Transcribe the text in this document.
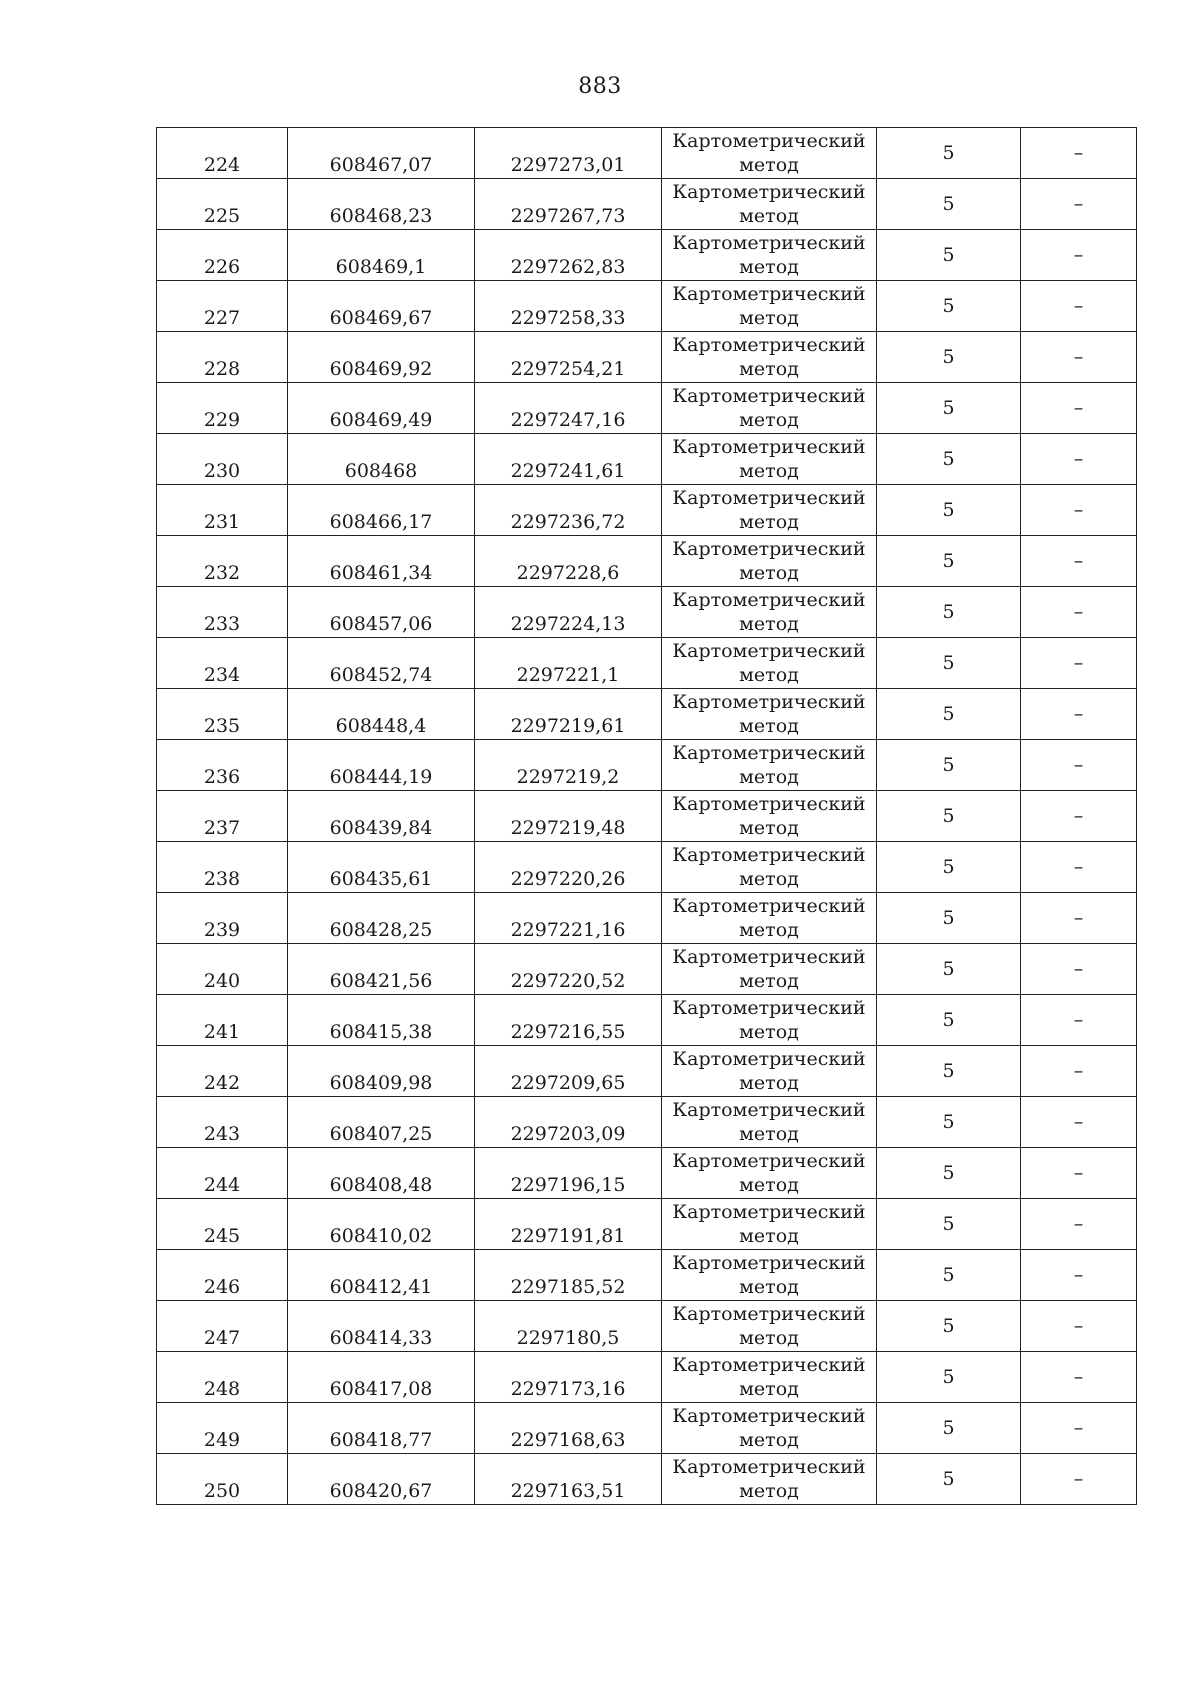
883
224	608467,07	2297273,01	Картометрический
метод	5	–
225	608468,23	2297267,73	Картометрический
метод	5	–
226	608469,1	2297262,83	Картометрический
метод	5	–
227	608469,67	2297258,33	Картометрический
метод	5	–
228	608469,92	2297254,21	Картометрический
метод	5	–
229	608469,49	2297247,16	Картометрический
метод	5	–
230	608468	2297241,61	Картометрический
метод	5	–
231	608466,17	2297236,72	Картометрический
метод	5	–
232	608461,34	2297228,6	Картометрический
метод	5	–
233	608457,06	2297224,13	Картометрический
метод	5	–
234	608452,74	2297221,1	Картометрический
метод	5	–
235	608448,4	2297219,61	Картометрический
метод	5	–
236	608444,19	2297219,2	Картометрический
метод	5	–
237	608439,84	2297219,48	Картометрический
метод	5	–
238	608435,61	2297220,26	Картометрический
метод	5	–
239	608428,25	2297221,16	Картометрический
метод	5	–
240	608421,56	2297220,52	Картометрический
метод	5	–
241	608415,38	2297216,55	Картометрический
метод	5	–
242	608409,98	2297209,65	Картометрический
метод	5	–
243	608407,25	2297203,09	Картометрический
метод	5	–
244	608408,48	2297196,15	Картометрический
метод	5	–
245	608410,02	2297191,81	Картометрический
метод	5	–
246	608412,41	2297185,52	Картометрический
метод	5	–
247	608414,33	2297180,5	Картометрический
метод	5	–
248	608417,08	2297173,16	Картометрический
метод	5	–
249	608418,77	2297168,63	Картометрический
метод	5	–
250	608420,67	2297163,51	Картометрический
метод	5	–
